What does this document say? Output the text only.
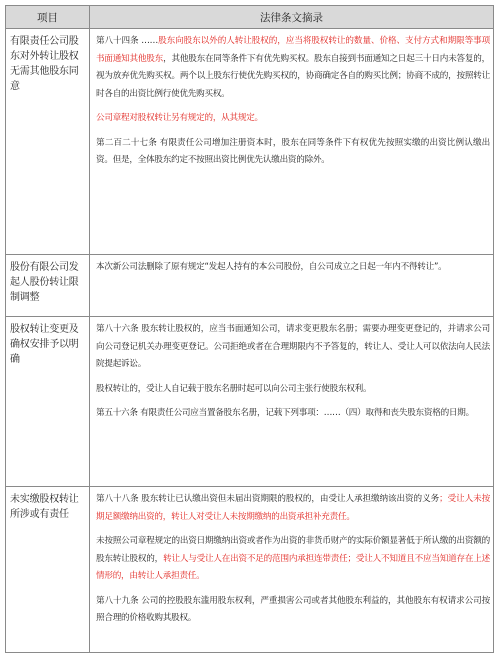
项目	法律条文摘录
有限责任公司股东对外转让股权无需其他股东同意	第八十四条 ……股东向股东以外的人转让股权的，应当将股权转让的数量、价格、支付方式和期限等事项书面通知其他股东，其他股东在同等条件下有优先购买权。股东自接到书面通知之日起三十日内未答复的，视为放弃优先购买权。两个以上股东行使优先购买权的，协商确定各自的购买比例；协商不成的，按照转让时各自的出资比例行使优先购买权。

公司章程对股权转让另有规定的，从其规定。

第二百二十七条 有限责任公司增加注册资本时，股东在同等条件下有权优先按照实缴的出资比例认缴出资。但是，全体股东约定不按照出资比例优先认缴出资的除外。

股份有限公司发起人股份转让限制调整	本次新公司法删除了原有规定“发起人持有的本公司股份，自公司成立之日起一年内不得转让”。

股权转让变更及确权安排予以明确	第八十六条 股东转让股权的，应当书面通知公司，请求变更股东名册；需要办理变更登记的，并请求公司向公司登记机关办理变更登记。公司拒绝或者在合理期限内不予答复的，转让人、受让人可以依法向人民法院提起诉讼。

股权转让的，受让人自记载于股东名册时起可以向公司主张行使股东权利。

第五十六条 有限责任公司应当置备股东名册，记载下列事项：……（四）取得和丧失股东资格的日期。

未实缴股权转让所涉或有责任	第八十八条 股东转让已认缴出资但未届出资期限的股权的，由受让人承担缴纳该出资的义务；受让人未按期足额缴纳出资的，转让人对受让人未按期缴纳的出资承担补充责任。

未按照公司章程规定的出资日期缴纳出资或者作为出资的非货币财产的实际价额显著低于所认缴的出资额的股东转让股权的，转让人与受让人在出资不足的范围内承担连带责任；受让人不知道且不应当知道存在上述情形的，由转让人承担责任。

第八十九条 公司的控股股东滥用股东权利，严重损害公司或者其他股东利益的，其他股东有权请求公司按照合理的价格收购其股权。
